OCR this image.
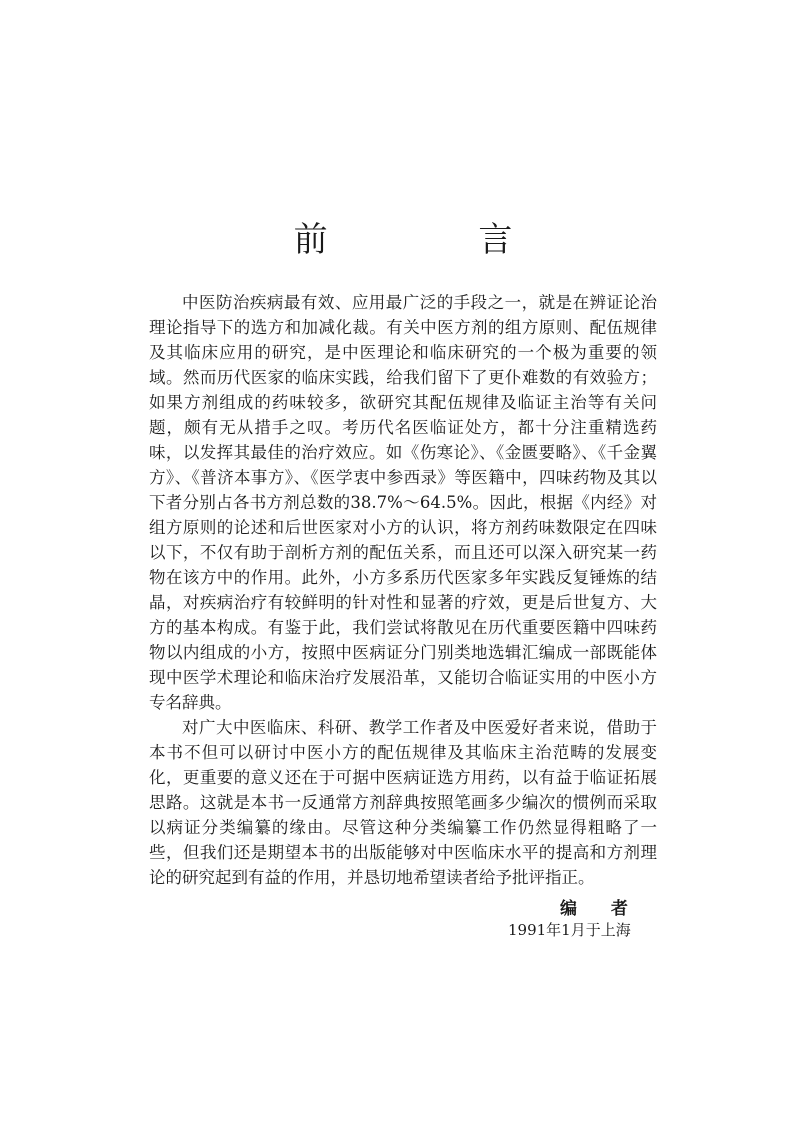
前 言

中医防治疾病最有效、应用最广泛的手段之一，就是在辨证论治理论指导下的选方和加减化裁。有关中医方剂的组方原则、配伍规律及其临床应用的研究，是中医理论和临床研究的一个极为重要的领域。然而历代医家的临床实践，给我们留下了更仆难数的有效验方；如果方剂组成的药味较多，欲研究其配伍规律及临证主治等有关问题，颇有无从措手之叹。考历代名医临证处方，都十分注重精选药味，以发挥其最佳的治疗效应。如《伤寒论》、《金匮要略》、《千金翼方》、《普济本事方》、《医学衷中参西录》等医籍中，四味药物及其以下者分别占各书方剂总数的38.7%～64.5%。因此，根据《内经》对组方原则的论述和后世医家对小方的认识，将方剂药味数限定在四味以下，不仅有助于剖析方剂的配伍关系，而且还可以深入研究某一药物在该方中的作用。此外，小方多系历代医家多年实践反复锤炼的结晶，对疾病治疗有较鲜明的针对性和显著的疗效，更是后世复方、大方的基本构成。有鉴于此，我们尝试将散见在历代重要医籍中四味药物以内组成的小方，按照中医病证分门别类地选辑汇编成一部既能体现中医学术理论和临床治疗发展沿革，又能切合临证实用的中医小方专名辞典。

对广大中医临床、科研、教学工作者及中医爱好者来说，借助于本书不但可以研讨中医小方的配伍规律及其临床主治范畴的发展变化，更重要的意义还在于可据中医病证选方用药，以有益于临证拓展思路。这就是本书一反通常方剂辞典按照笔画多少编次的惯例而采取以病证分类编纂的缘由。尽管这种分类编纂工作仍然显得粗略了一些，但我们还是期望本书的出版能够对中医临床水平的提高和方剂理论的研究起到有益的作用，并恳切地希望读者给予批评指正。

编 者
1991年1月于上海
